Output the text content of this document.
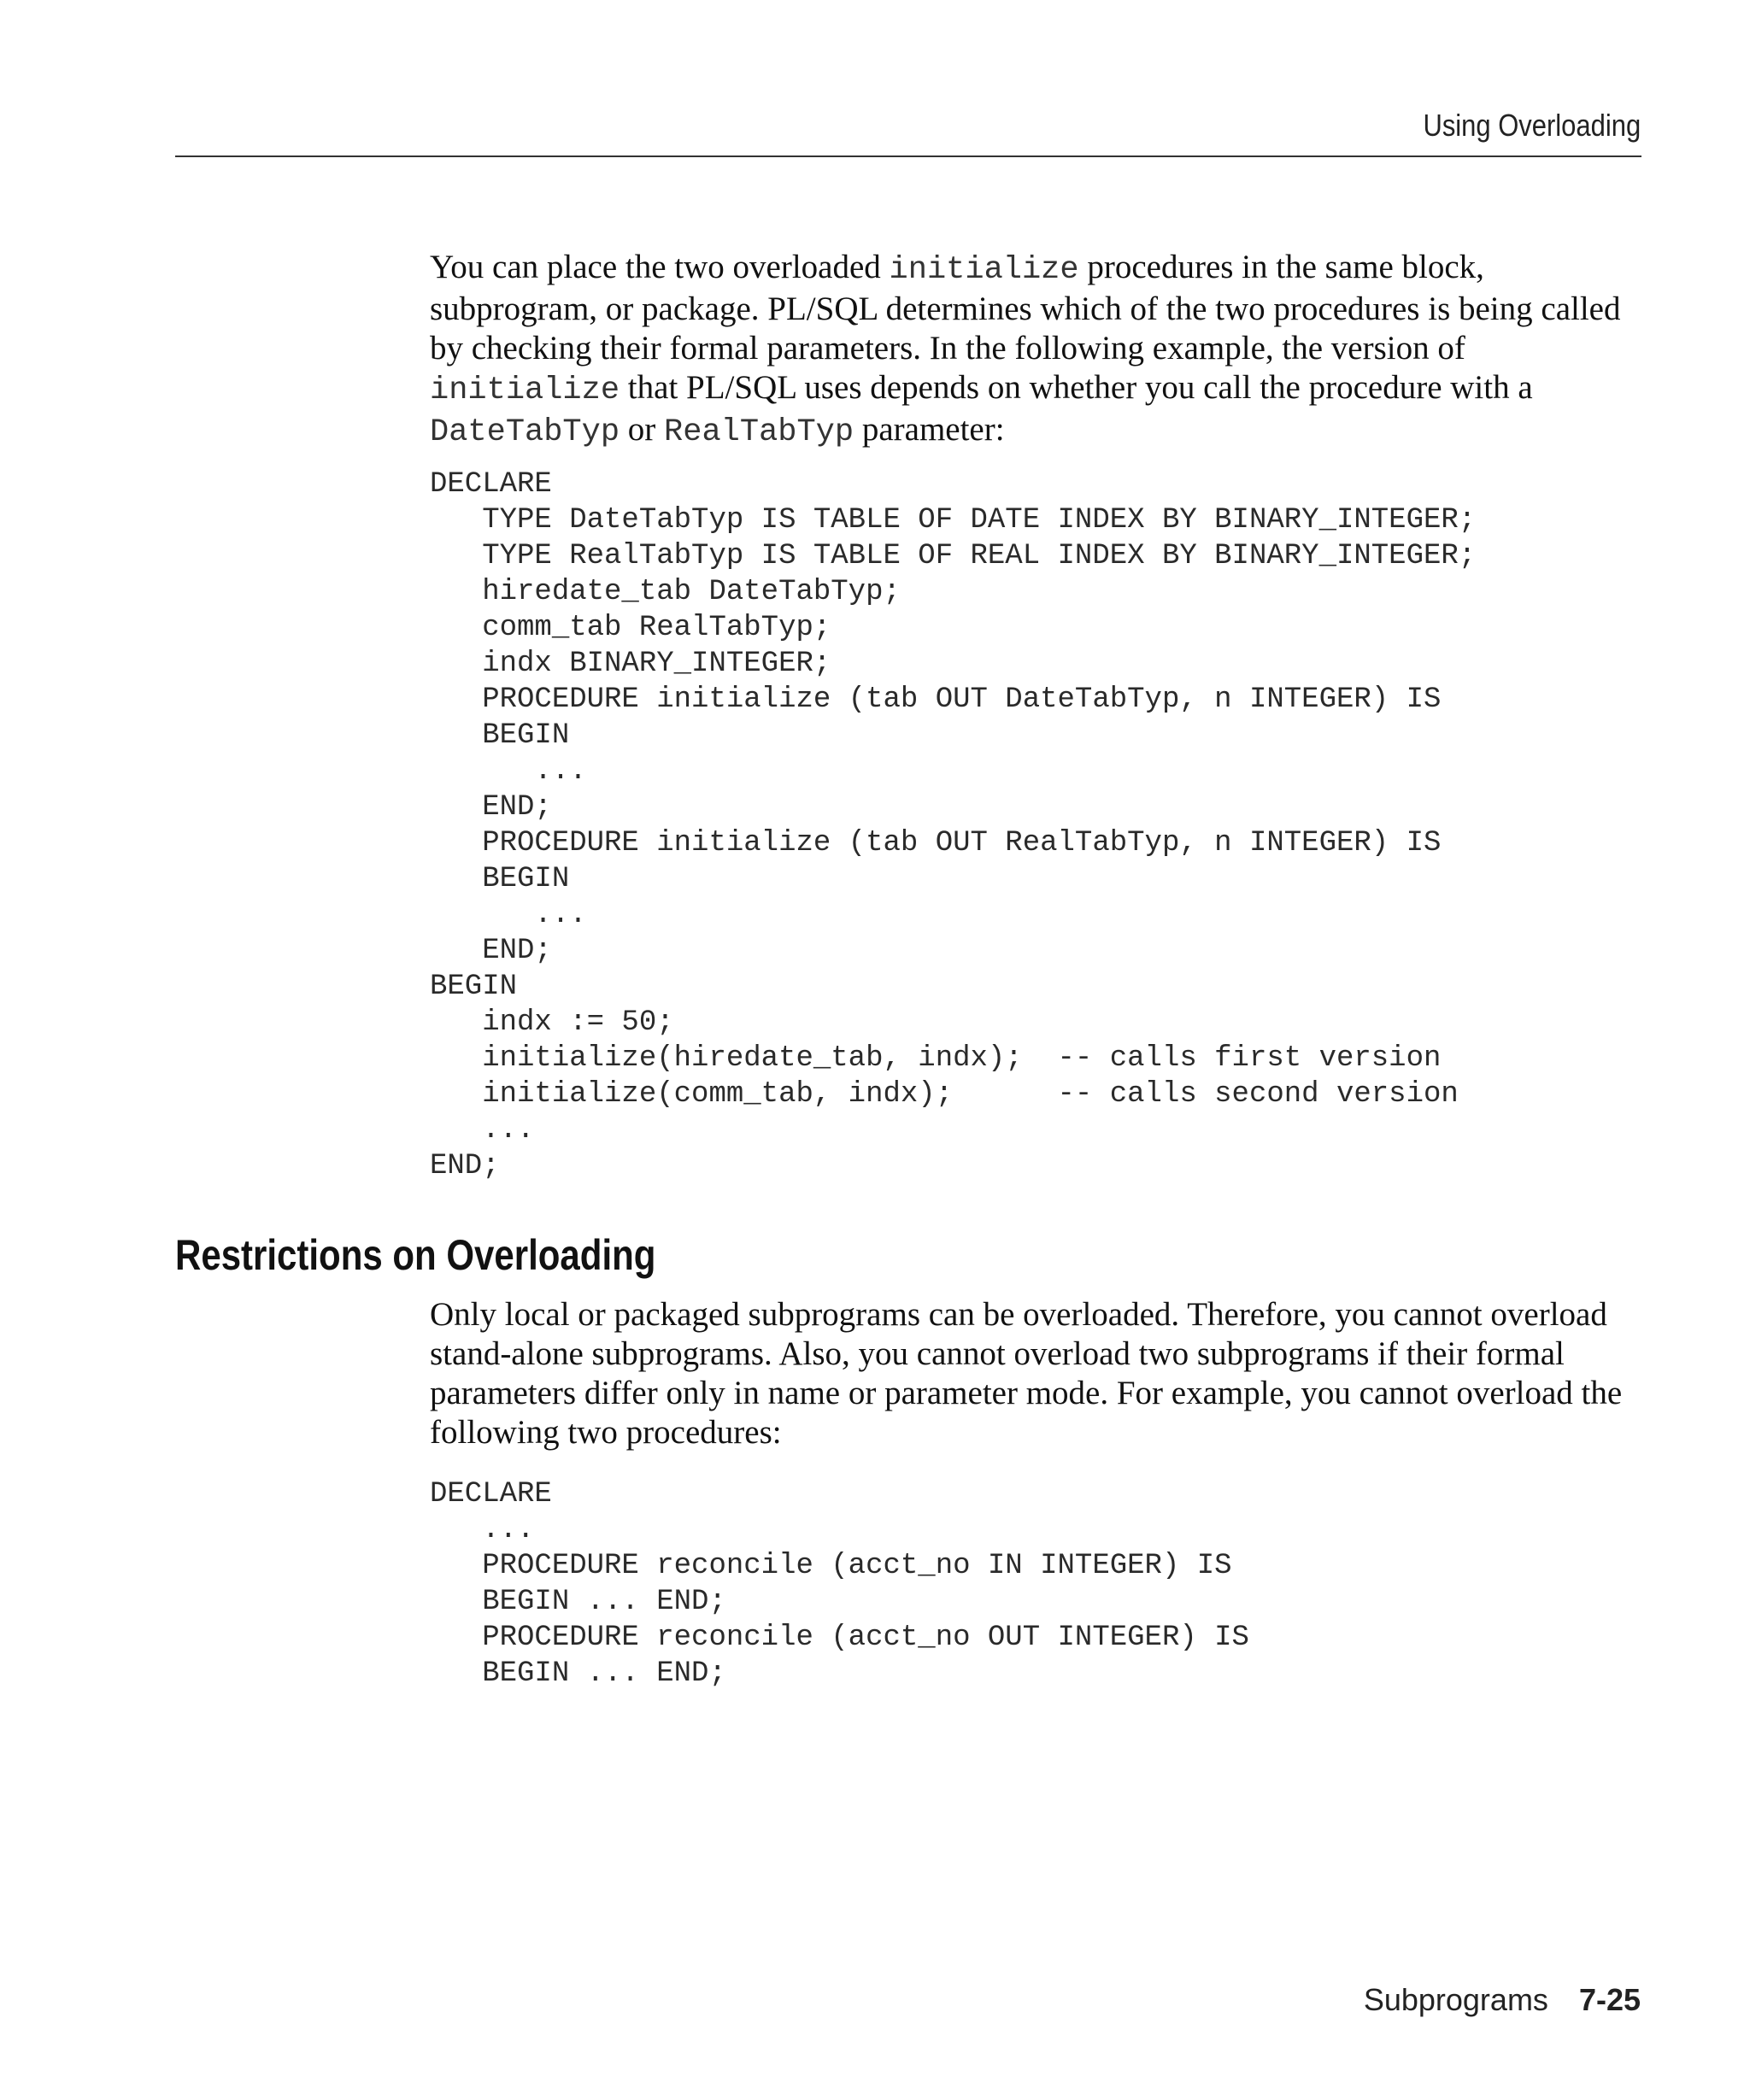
Using Overloading

You can place the two overloaded initialize procedures in the same block, subprogram, or package. PL/SQL determines which of the two procedures is being called by checking their formal parameters. In the following example, the version of initialize that PL/SQL uses depends on whether you call the procedure with a DateTabTyp or RealTabTyp parameter:

DECLARE
TYPE DateTabTyp IS TABLE OF DATE INDEX BY BINARY_INTEGER;
TYPE RealTabTyp IS TABLE OF REAL INDEX BY BINARY_INTEGER;
hiredate_tab DateTabTyp;
comm_tab RealTabTyp;
indx BINARY_INTEGER;
PROCEDURE initialize (tab OUT DateTabTyp, n INTEGER) IS
BEGIN
...
END;
PROCEDURE initialize (tab OUT RealTabTyp, n INTEGER) IS
BEGIN
...
END;
BEGIN
indx := 50;
initialize(hiredate_tab, indx);  -- calls first version
initialize(comm_tab, indx);      -- calls second version
...
END;
Restrictions on Overloading

Only local or packaged subprograms can be overloaded. Therefore, you cannot overload stand-alone subprograms. Also, you cannot overload two subprograms if their formal parameters differ only in name or parameter mode. For example, you cannot overload the following two procedures:

DECLARE
...
PROCEDURE reconcile (acct_no IN INTEGER) IS
BEGIN ... END;
PROCEDURE reconcile (acct_no OUT INTEGER) IS
BEGIN ... END;
Subprograms 7-25
